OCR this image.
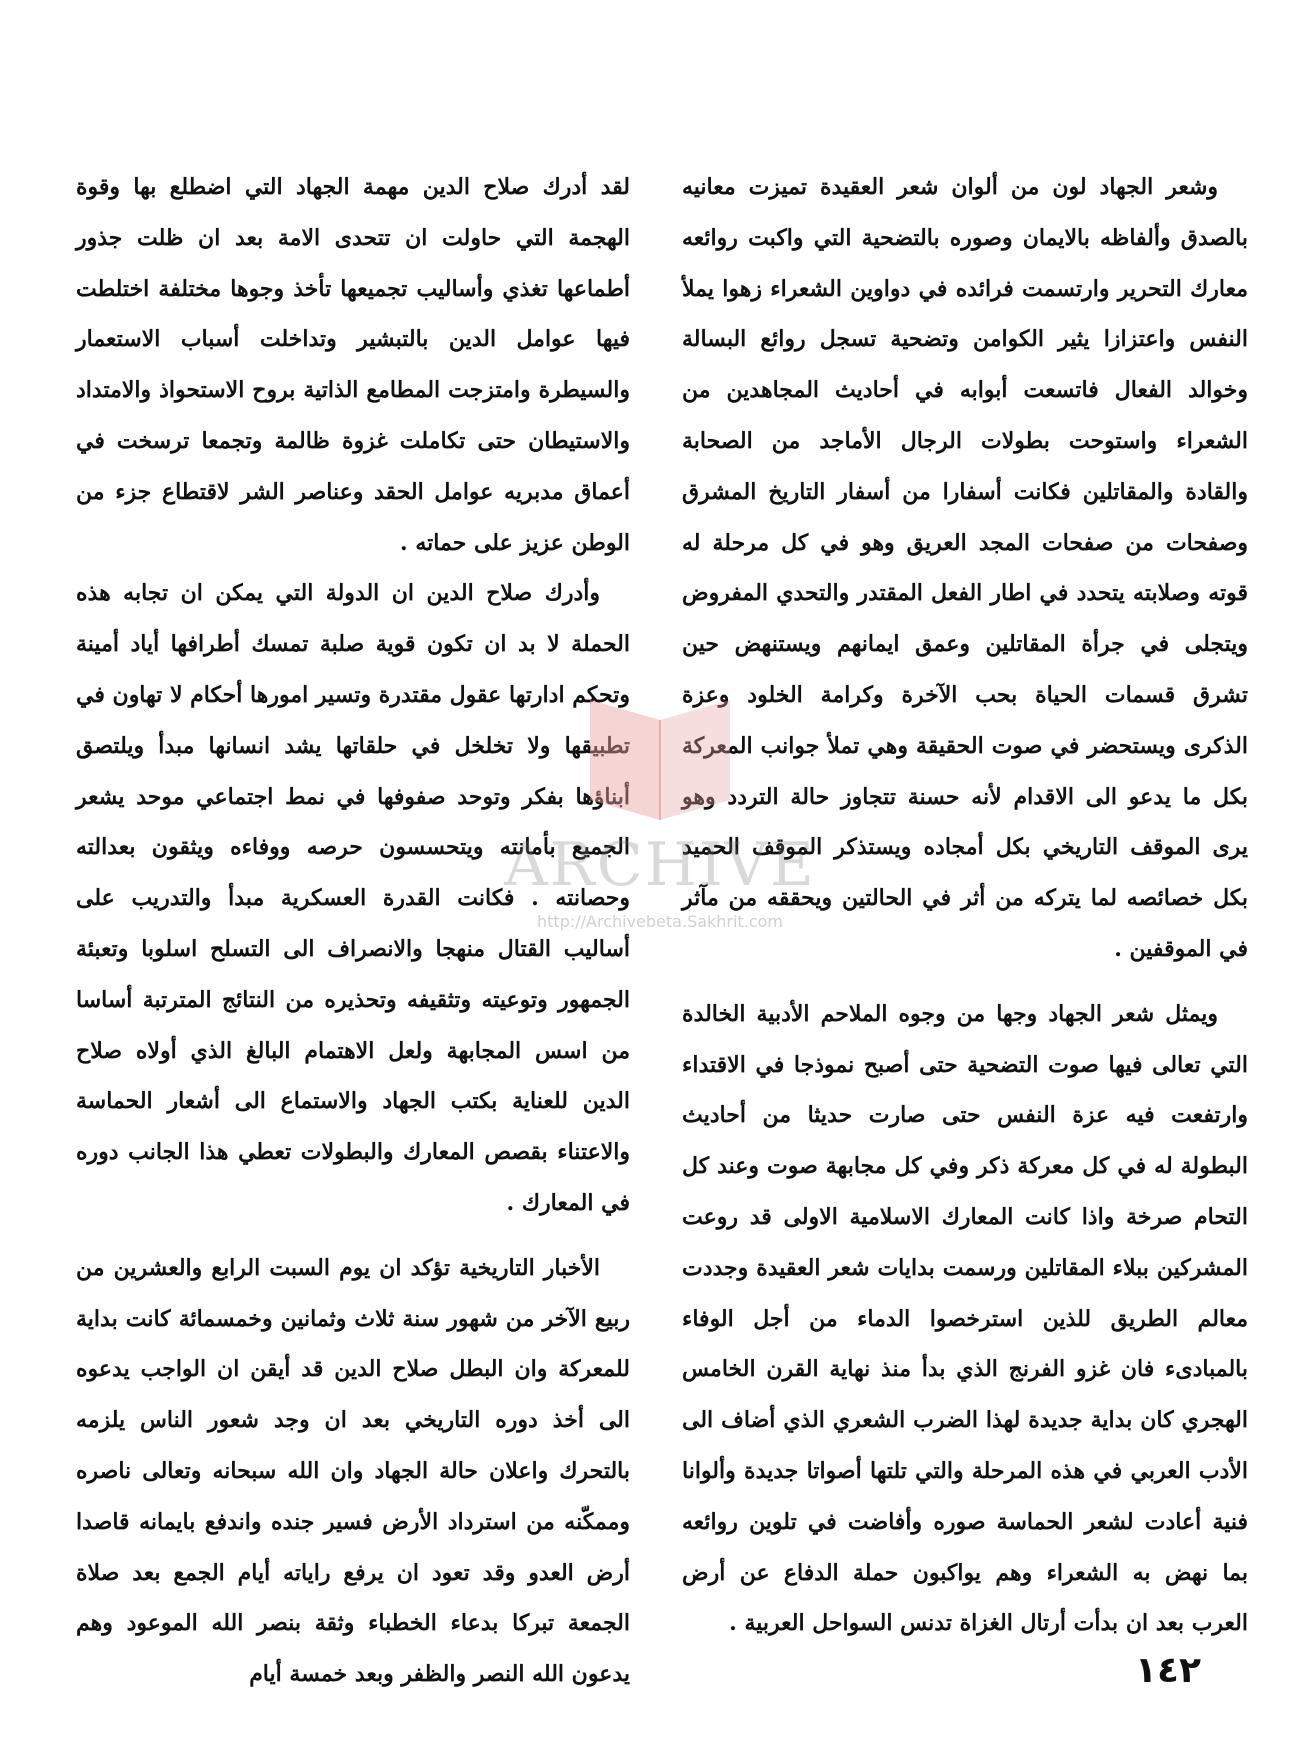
وشعر الجهاد لون من ألوان شعر العقيدة تميزت معانيه بالصدق وألفاظه بالايمان وصوره بالتضحية التي واكبت روائعه معارك التحرير وارتسمت فرائده في دواوين الشعراء زهوا يملأ النفس واعتزازا يثير الكوامن وتضحية تسجل روائع البسالة وخوالد الفعال فاتسعت أبوابه في أحاديث المجاهدين من الشعراء واستوحت بطولات الرجال الأماجد من الصحابة والقادة والمقاتلين فكانت أسفارا من أسفار التاريخ المشرق وصفحات من صفحات المجد العريق وهو في كل مرحلة له قوته وصلابته يتحدد في اطار الفعل المقتدر والتحدي المفروض ويتجلى في جرأة المقاتلين وعمق ايمانهم ويستنهض حين تشرق قسمات الحياة بحب الآخرة وكرامة الخلود وعزة الذكرى ويستحضر في صوت الحقيقة وهي تملأ جوانب المعركة بكل ما يدعو الى الاقدام لأنه حسنة تتجاوز حالة التردد وهو يرى الموقف التاريخي بكل أمجاده ويستذكر الموقف الحميد بكل خصائصه لما يتركه من أثر في الحالتين ويحققه من مآثر في الموقفين .

ويمثل شعر الجهاد وجها من وجوه الملاحم الأدبية الخالدة التي تعالى فيها صوت التضحية حتى أصبح نموذجا في الاقتداء وارتفعت فيه عزة النفس حتى صارت حديثا من أحاديث البطولة له في كل معركة ذكر وفي كل مجابهة صوت وعند كل التحام صرخة واذا كانت المعارك الاسلامية الاولى قد روعت المشركين ببلاء المقاتلين ورسمت بدايات شعر العقيدة وجددت معالم الطريق للذين استرخصوا الدماء من أجل الوفاء بالمبادىء فان غزو الفرنج الذي بدأ منذ نهاية القرن الخامس الهجري كان بداية جديدة لهذا الضرب الشعري الذي أضاف الى الأدب العربي في هذه المرحلة والتي تلتها أصواتا جديدة وألوانا فنية أعادت لشعر الحماسة صوره وأفاضت في تلوين روائعه بما نهض به الشعراء وهم يواكبون حملة الدفاع عن أرض العرب بعد ان بدأت أرتال الغزاة تدنس السواحل العربية .

لقد أدرك صلاح الدين مهمة الجهاد التي اضطلع بها وقوة الهجمة التي حاولت ان تتحدى الامة بعد ان ظلت جذور أطماعها تغذي وأساليب تجميعها تأخذ وجوها مختلفة اختلطت فيها عوامل الدين بالتبشير وتداخلت أسباب الاستعمار والسيطرة وامتزجت المطامع الذاتية بروح الاستحواذ والامتداد والاستيطان حتى تكاملت غزوة ظالمة وتجمعا ترسخت في أعماق مدبريه عوامل الحقد وعناصر الشر لاقتطاع جزء من الوطن عزيز على حماته .

وأدرك صلاح الدين ان الدولة التي يمكن ان تجابه هذه الحملة لا بد ان تكون قوية صلبة تمسك أطرافها أياد أمينة وتحكم ادارتها عقول مقتدرة وتسير امورها أحكام لا تهاون في تطبيقها ولا تخلخل في حلقاتها يشد انسانها مبدأ ويلتصق أبناؤها بفكر وتوحد صفوفها في نمط اجتماعي موحد يشعر الجميع بأمانته ويتحسسون حرصه ووفاءه ويثقون بعدالته وحصانته . فكانت القدرة العسكرية مبدأ والتدريب على أساليب القتال منهجا والانصراف الى التسلح اسلوبا وتعبئة الجمهور وتوعيته وتثقيفه وتحذيره من النتائج المترتبة أساسا من اسس المجابهة ولعل الاهتمام البالغ الذي أولاه صلاح الدين للعناية بكتب الجهاد والاستماع الى أشعار الحماسة والاعتناء بقصص المعارك والبطولات تعطي هذا الجانب دوره في المعارك .

الأخبار التاريخية تؤكد ان يوم السبت الرابع والعشرين من ربيع الآخر من شهور سنة ثلاث وثمانين وخمسمائة كانت بداية للمعركة وان البطل صلاح الدين قد أيقن ان الواجب يدعوه الى أخذ دوره التاريخي بعد ان وجد شعور الناس يلزمه بالتحرك واعلان حالة الجهاد وان الله سبحانه وتعالى ناصره وممكّنه من استرداد الأرض فسير جنده واندفع بايمانه قاصدا أرض العدو وقد تعود ان يرفع راياته أيام الجمع بعد صلاة الجمعة تبركا بدعاء الخطباء وثقة بنصر الله الموعود وهم يدعون الله النصر والظفر وبعد خمسة أيام

ARCHIVE
http://Archivebeta.Sakhrit.com
١٤٢
